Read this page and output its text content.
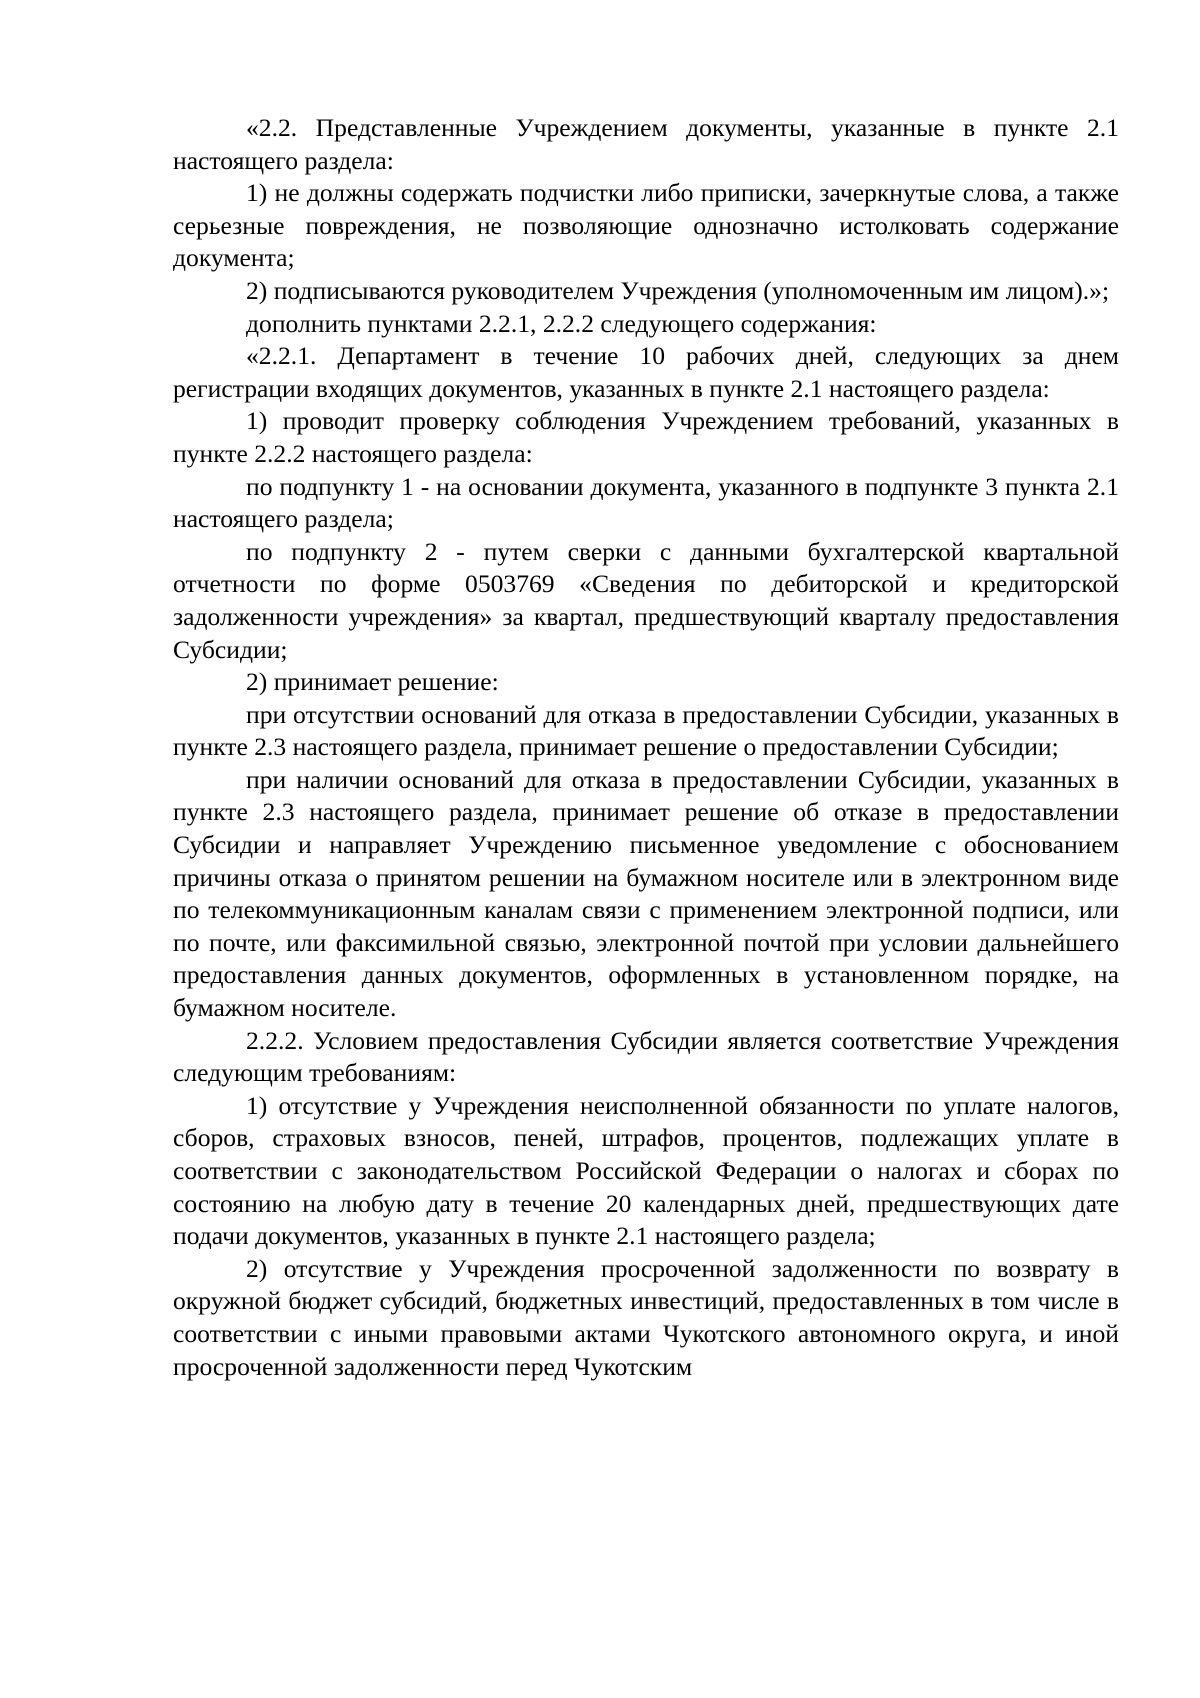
«2.2. Представленные Учреждением документы, указанные в пункте 2.1 настоящего раздела:

1) не должны содержать подчистки либо приписки, зачеркнутые слова, а также серьезные повреждения, не позволяющие однозначно истолковать содержание документа;

2) подписываются руководителем Учреждения (уполномоченным им лицом).»;

дополнить пунктами 2.2.1, 2.2.2 следующего содержания:

«2.2.1. Департамент в течение 10 рабочих дней, следующих за днем регистрации входящих документов, указанных в пункте 2.1 настоящего раздела:

1) проводит проверку соблюдения Учреждением требований, указанных в пункте 2.2.2 настоящего раздела:

по подпункту 1 - на основании документа, указанного в подпункте 3 пункта 2.1 настоящего раздела;

по подпункту 2 - путем сверки с данными бухгалтерской квартальной отчетности по форме 0503769 «Сведения по дебиторской и кредиторской задолженности учреждения» за квартал, предшествующий кварталу предоставления Субсидии;

2) принимает решение:

при отсутствии оснований для отказа в предоставлении Субсидии, указанных в пункте 2.3 настоящего раздела, принимает решение о предоставлении Субсидии;

при наличии оснований для отказа в предоставлении Субсидии, указанных в пункте 2.3 настоящего раздела, принимает решение об отказе в предоставлении Субсидии и направляет Учреждению письменное уведомление с обоснованием причины отказа о принятом решении на бумажном носителе или в электронном виде по телекоммуникационным каналам связи с применением электронной подписи, или по почте, или факсимильной связью, электронной почтой при условии дальнейшего предоставления данных документов, оформленных в установленном порядке, на бумажном носителе.

2.2.2. Условием предоставления Субсидии является соответствие Учреждения следующим требованиям:

1) отсутствие у Учреждения неисполненной обязанности по уплате налогов, сборов, страховых взносов, пеней, штрафов, процентов, подлежащих уплате в соответствии с законодательством Российской Федерации о налогах и сборах по состоянию на любую дату в течение 20 календарных дней, предшествующих дате подачи документов, указанных в пункте 2.1 настоящего раздела;

2) отсутствие у Учреждения просроченной задолженности по возврату в окружной бюджет субсидий, бюджетных инвестиций, предоставленных в том числе в соответствии с иными правовыми актами Чукотского автономного округа, и иной просроченной задолженности перед Чукотским
